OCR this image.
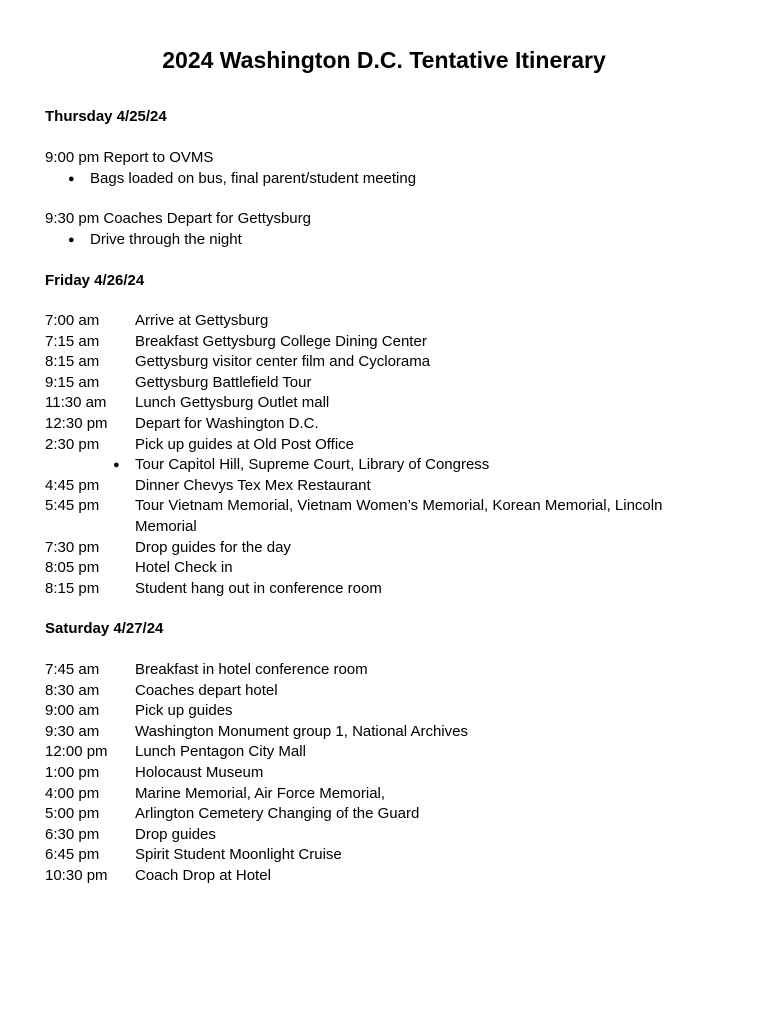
2024 Washington D.C. Tentative Itinerary
Thursday 4/25/24
9:00 pm Report to OVMS
● Bags loaded on bus, final parent/student meeting
9:30 pm Coaches Depart for Gettysburg
● Drive through the night
Friday 4/26/24
7:00 am	Arrive at Gettysburg
7:15 am	Breakfast Gettysburg College Dining Center
8:15 am	Gettysburg visitor center film and Cyclorama
9:15 am	Gettysburg Battlefield Tour
11:30 am	Lunch Gettysburg Outlet mall
12:30 pm	Depart for Washington D.C.
2:30 pm	Pick up guides at Old Post Office
● Tour Capitol Hill, Supreme Court, Library of Congress
4:45 pm	Dinner Chevys Tex Mex Restaurant
5:45 pm	Tour Vietnam Memorial, Vietnam Women’s Memorial, Korean Memorial, Lincoln Memorial
7:30 pm	Drop guides for the day
8:05 pm	Hotel Check in
8:15 pm	Student hang out in conference room
Saturday 4/27/24
7:45 am	Breakfast in hotel conference room
8:30 am	Coaches depart hotel
9:00 am	Pick up guides
9:30 am	Washington Monument group 1, National Archives
12:00 pm	Lunch Pentagon City Mall
1:00 pm	Holocaust Museum
4:00 pm	Marine Memorial, Air Force Memorial,
5:00 pm	Arlington Cemetery Changing of the Guard
6:30 pm	Drop guides
6:45 pm	Spirit Student Moonlight Cruise
10:30 pm	Coach Drop at Hotel
